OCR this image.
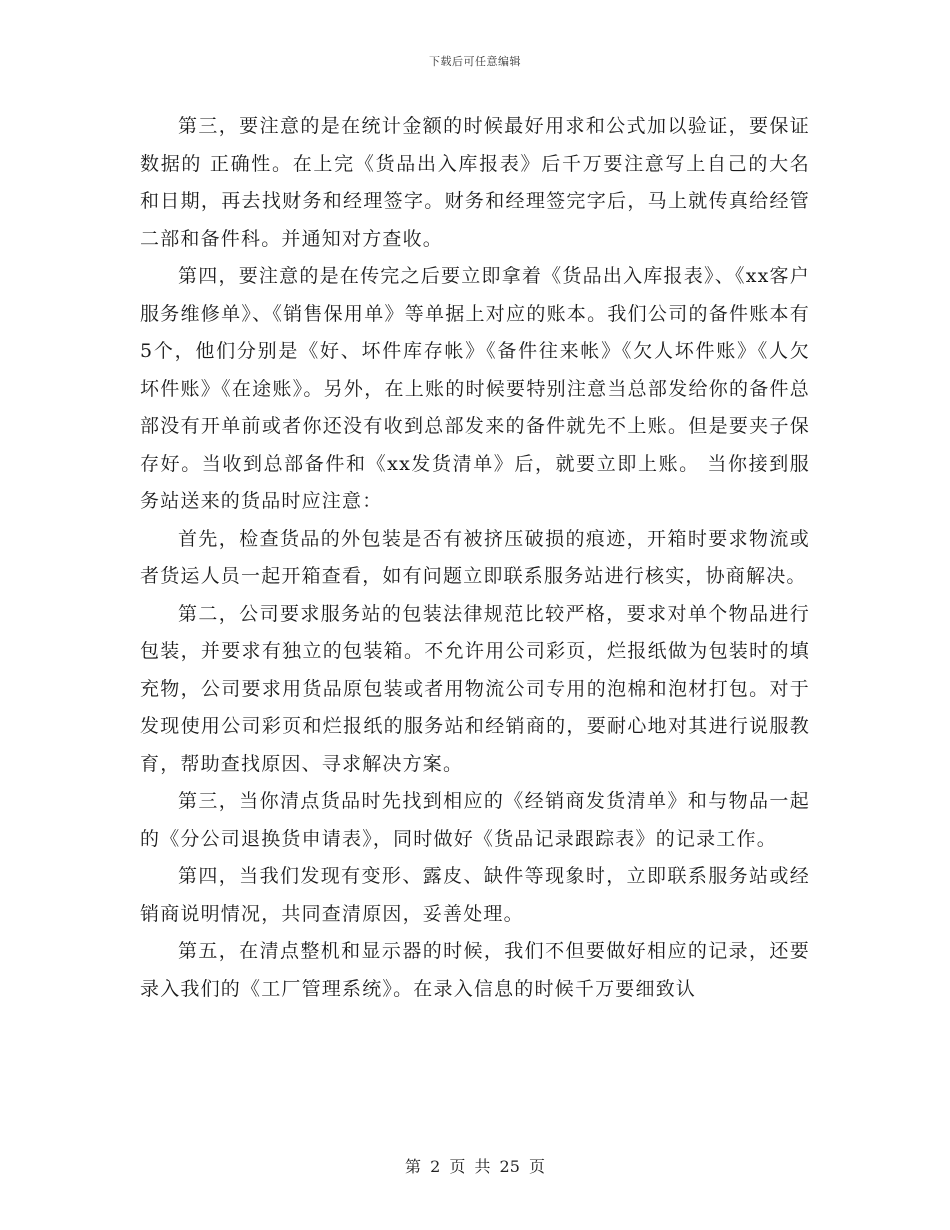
下载后可任意编辑

第三，要注意的是在统计金额的时候最好用求和公式加以验证，要保证数据的 正确性。在上完《货品出入库报表》后千万要注意写上自己的大名和日期，再去找财务和经理签字。财务和经理签完字后，马上就传真给经管二部和备件科。并通知对方查收。

第四，要注意的是在传完之后要立即拿着《货品出入库报表》、《xx客户服务维修单》、《销售保用单》等单据上对应的账本。我们公司的备件账本有5个，他们分别是《好、坏件库存帐》《备件往来帐》《欠人坏件账》《人欠坏件账》《在途账》。另外，在上账的时候要特别注意当总部发给你的备件总部没有开单前或者你还没有收到总部发来的备件就先不上账。但是要夹子保存好。当收到总部备件和《xx发货清单》后，就要立即上账。 当你接到服务站送来的货品时应注意：

首先，检查货品的外包装是否有被挤压破损的痕迹，开箱时要求物流或者货运人员一起开箱查看，如有问题立即联系服务站进行核实，协商解决。

第二，公司要求服务站的包装法律规范比较严格，要求对单个物品进行包装，并要求有独立的包装箱。不允许用公司彩页，烂报纸做为包装时的填充物，公司要求用货品原包装或者用物流公司专用的泡棉和泡材打包。对于发现使用公司彩页和烂报纸的服务站和经销商的，要耐心地对其进行说服教育，帮助查找原因、寻求解决方案。

第三，当你清点货品时先找到相应的《经销商发货清单》和与物品一起的《分公司退换货申请表》，同时做好《货品记录跟踪表》的记录工作。

第四，当我们发现有变形、露皮、缺件等现象时，立即联系服务站或经销商说明情况，共同查清原因，妥善处理。

第五，在清点整机和显示器的时候，我们不但要做好相应的记录，还要录入我们的《工厂管理系统》。在录入信息的时候千万要细致认

第 2 页 共 25 页
